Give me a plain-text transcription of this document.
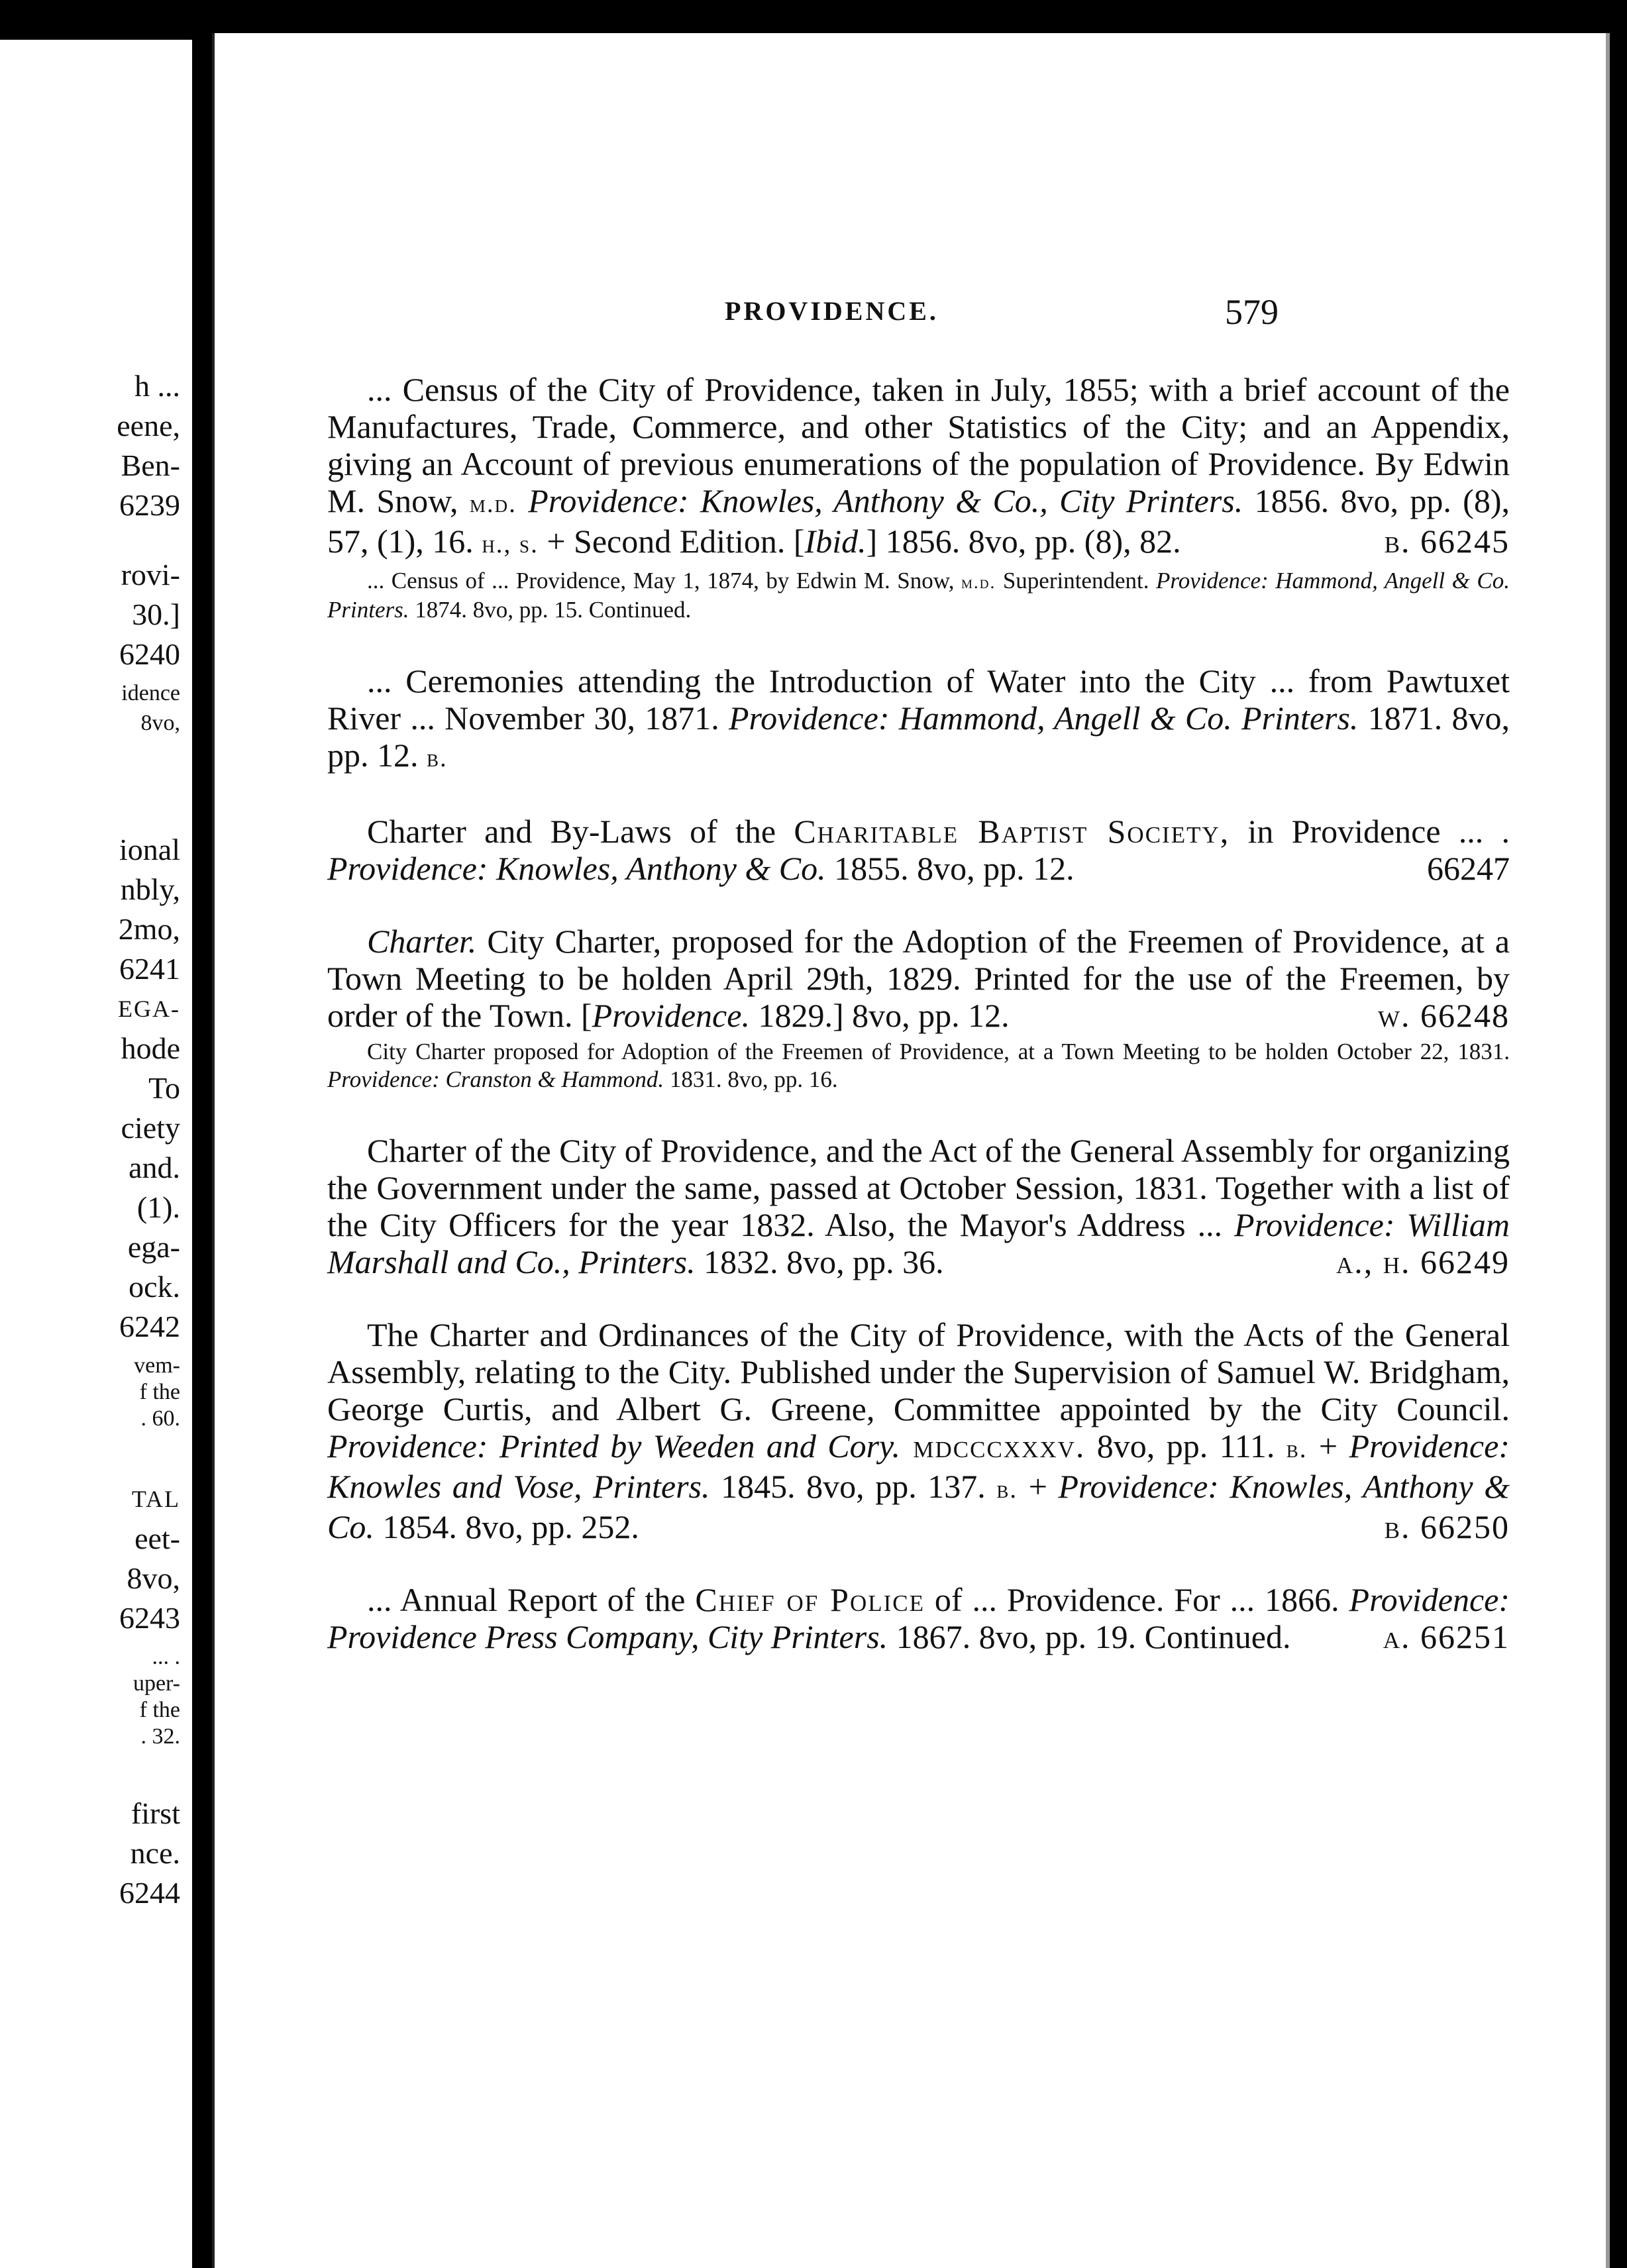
h ...
eene,
Ben-
6239
rovi-
30.]
6240
idence
8vo,
ional
nbly,
2mo,
6241
EGA-
hode
To
ciety
and.
(1).
ega-
ock.
6242
vem-
f the
. 60.
TAL
eet-
8vo,
6243
... .
uper-
f the
. 32.
first
nce.
6244
PROVIDENCE.	579

... Census of the City of Providence, taken in July, 1855; with a brief account of the Manufactures, Trade, Commerce, and other Statistics of the City; and an Appendix, giving an Account of previous enumerations of the population of Providence. By Edwin M. Snow, m.d. Providence: Knowles, Anthony & Co., City Printers. 1856. 8vo, pp. (8), 57, (1), 16. h., s. + Second Edition. [Ibid.] 1856. 8vo, pp. (8), 82.	b. 66245

... Census of ... Providence, May 1, 1874, by Edwin M. Snow, m.d. Superintendent. Providence: Hammond, Angell & Co. Printers. 1874. 8vo, pp. 15. Continued.

... Ceremonies attending the Introduction of Water into the City ... from Pawtuxet River ... November 30, 1871. Providence: Hammond, Angell & Co. Printers. 1871. 8vo, pp. 12. b.

Charter and By-Laws of the Charitable Baptist Society, in Providence ... . Providence: Knowles, Anthony & Co. 1855. 8vo, pp. 12.	66247

Charter. City Charter, proposed for the Adoption of the Freemen of Providence, at a Town Meeting to be holden April 29th, 1829. Printed for the use of the Freemen, by order of the Town. [Providence. 1829.] 8vo, pp. 12.	w. 66248

City Charter proposed for Adoption of the Freemen of Providence, at a Town Meeting to be holden October 22, 1831. Providence: Cranston & Hammond. 1831. 8vo, pp. 16.

Charter of the City of Providence, and the Act of the General Assembly for organizing the Government under the same, passed at October Session, 1831. Together with a list of the City Officers for the year 1832. Also, the Mayor's Address ... Providence: William Marshall and Co., Printers. 1832. 8vo, pp. 36.	a., h. 66249

The Charter and Ordinances of the City of Providence, with the Acts of the General Assembly, relating to the City. Published under the Supervision of Samuel W. Bridgham, George Curtis, and Albert G. Greene, Committee appointed by the City Council. Providence: Printed by Weeden and Cory. mdcccxxxv. 8vo, pp. 111. b. + Providence: Knowles and Vose, Printers. 1845. 8vo, pp. 137. b. + Providence: Knowles, Anthony & Co. 1854. 8vo, pp. 252.	b. 66250

... Annual Report of the Chief of Police of ... Providence. For ... 1866. Providence: Providence Press Company, City Printers. 1867. 8vo, pp. 19. Continued.	a. 66251
